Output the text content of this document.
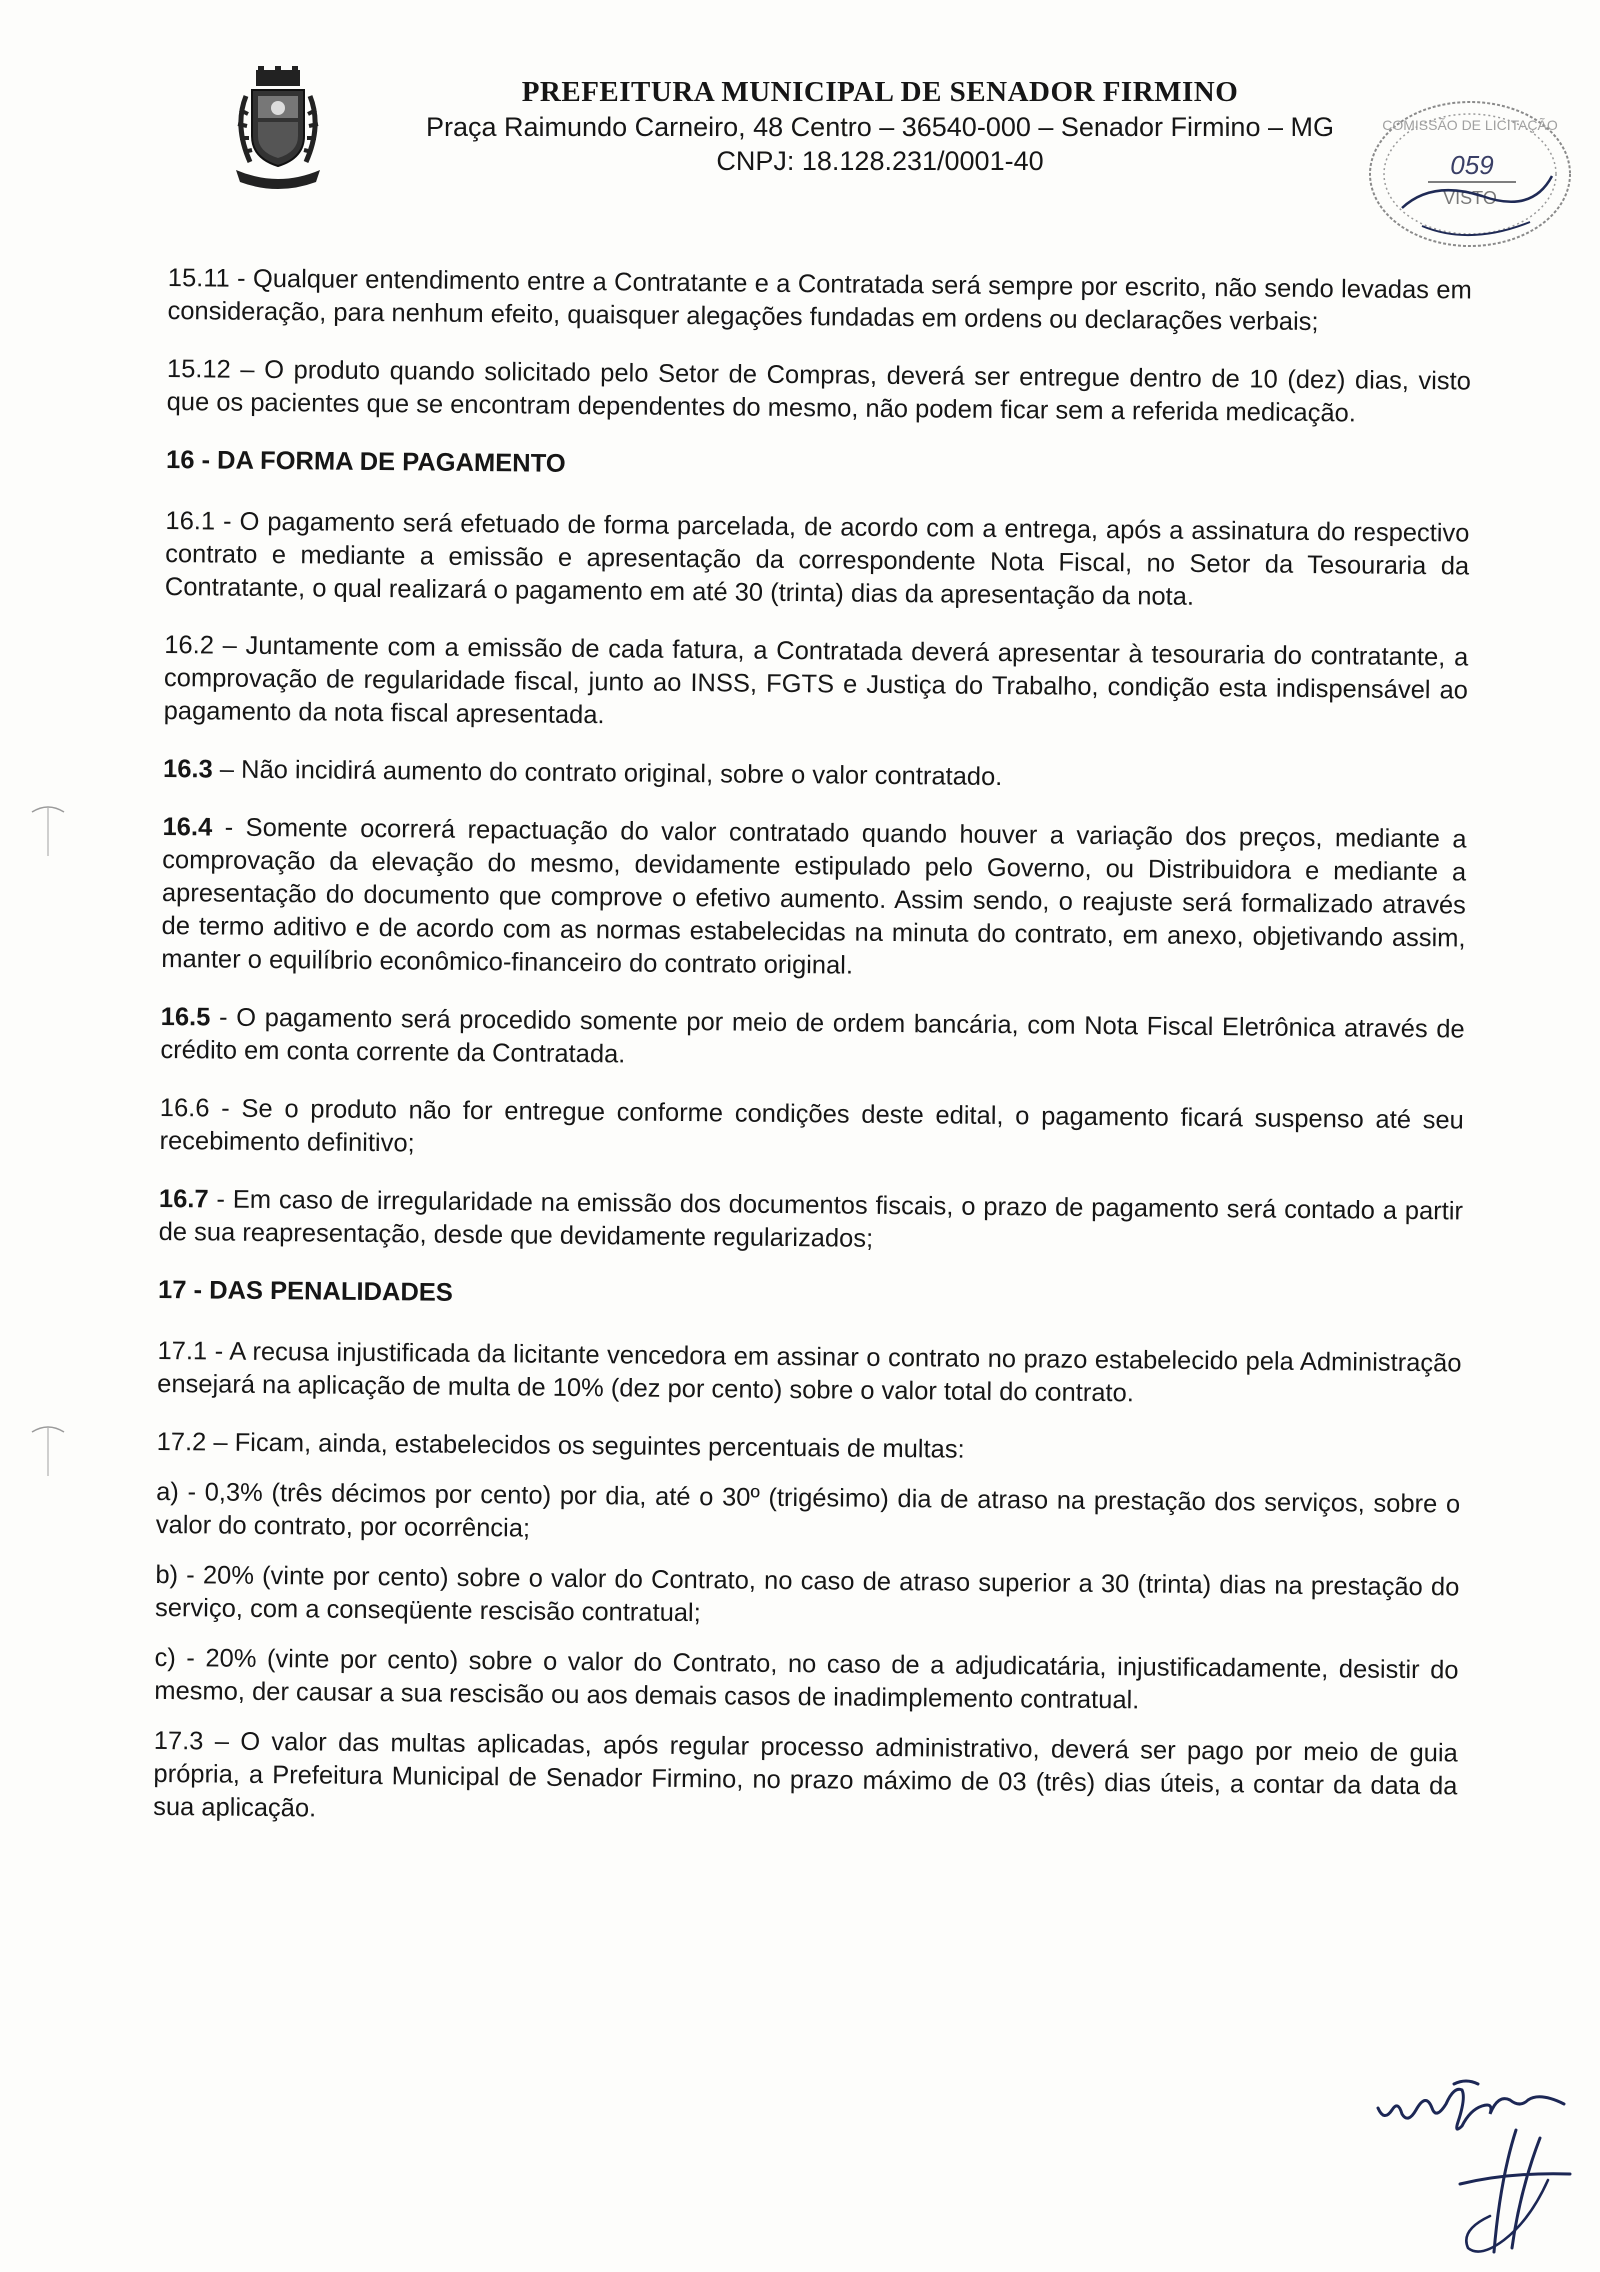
PREFEITURA MUNICIPAL DE SENADOR FIRMINO
Praça Raimundo Carneiro, 48 Centro – 36540-000 – Senador Firmino – MG
CNPJ: 18.128.231/0001-40
COMISSÃO DE LICITAÇÃO
059
VISTO

15.11 - Qualquer entendimento entre a Contratante e a Contratada será sempre por escrito, não sendo levadas em consideração, para nenhum efeito, quaisquer alegações fundadas em ordens ou declarações verbais;

15.12 – O produto quando solicitado pelo Setor de Compras, deverá ser entregue dentro de 10 (dez) dias, visto que os pacientes que se encontram dependentes do mesmo, não podem ficar sem a referida medicação.

16 - DA FORMA DE PAGAMENTO

16.1 - O pagamento será efetuado de forma parcelada, de acordo com a entrega, após a assinatura do respectivo contrato e mediante a emissão e apresentação da correspondente Nota Fiscal, no Setor da Tesouraria da Contratante, o qual realizará o pagamento em até 30 (trinta) dias da apresentação da nota.

16.2 – Juntamente com a emissão de cada fatura, a Contratada deverá apresentar à tesouraria do contratante, a comprovação de regularidade fiscal, junto ao INSS, FGTS e Justiça do Trabalho, condição esta indispensável ao pagamento da nota fiscal apresentada.

16.3 – Não incidirá aumento do contrato original, sobre o valor contratado.

16.4 - Somente ocorrerá repactuação do valor contratado quando houver a variação dos preços, mediante a comprovação da elevação do mesmo, devidamente estipulado pelo Governo, ou Distribuidora e mediante a apresentação do documento que comprove o efetivo aumento. Assim sendo, o reajuste será formalizado através de termo aditivo e de acordo com as normas estabelecidas na minuta do contrato, em anexo, objetivando assim, manter o equilíbrio econômico-financeiro do contrato original.

16.5 - O pagamento será procedido somente por meio de ordem bancária, com Nota Fiscal Eletrônica através de crédito em conta corrente da Contratada.

16.6 - Se o produto não for entregue conforme condições deste edital, o pagamento ficará suspenso até seu recebimento definitivo;

16.7 - Em caso de irregularidade na emissão dos documentos fiscais, o prazo de pagamento será contado a partir de sua reapresentação, desde que devidamente regularizados;

17 - DAS PENALIDADES

17.1 - A recusa injustificada da licitante vencedora em assinar o contrato no prazo estabelecido pela Administração ensejará na aplicação de multa de 10% (dez por cento) sobre o valor total do contrato.

17.2 – Ficam, ainda, estabelecidos os seguintes percentuais de multas:

a) - 0,3% (três décimos por cento) por dia, até o 30º (trigésimo) dia de atraso na prestação dos serviços, sobre o valor do contrato, por ocorrência;

b) - 20% (vinte por cento) sobre o valor do Contrato, no caso de atraso superior a 30 (trinta) dias na prestação do serviço, com a conseqüente rescisão contratual;

c) - 20% (vinte por cento) sobre o valor do Contrato, no caso de a adjudicatária, injustificadamente, desistir do mesmo, der causar a sua rescisão ou aos demais casos de inadimplemento contratual.

17.3 – O valor das multas aplicadas, após regular processo administrativo, deverá ser pago por meio de guia própria, a Prefeitura Municipal de Senador Firmino, no prazo máximo de 03 (três) dias úteis, a contar da data da sua aplicação.
